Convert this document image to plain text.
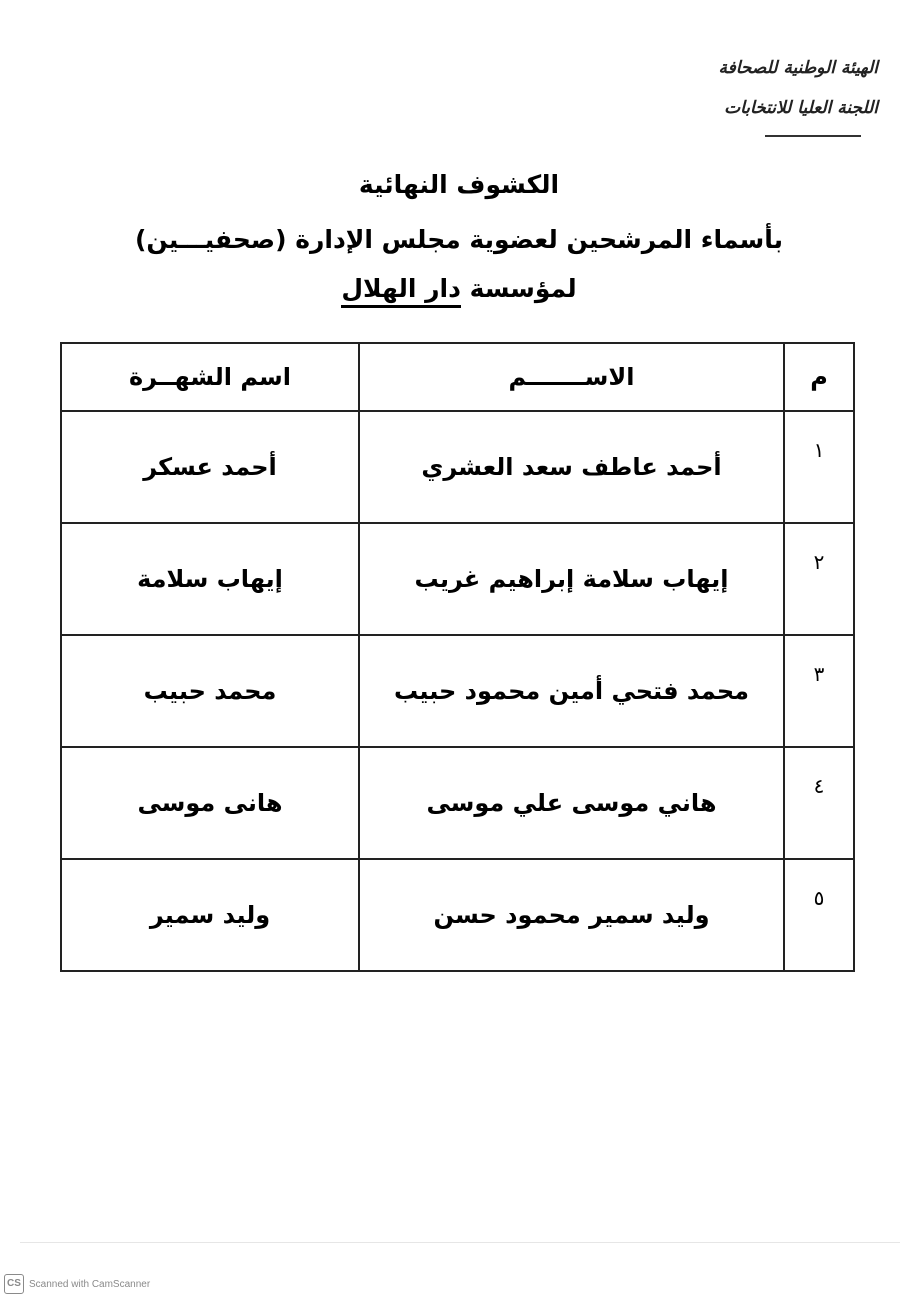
الهيئة الوطنية للصحافة
اللجنة العليا للانتخابات
الكشوف النهائية
بأسماء المرشحين لعضوية مجلس الإدارة (صحفيـــين)
لمؤسسة دار الهلال
م	الاســـــــم	اسم الشهــرة
١	أحمد عاطف سعد العشري	أحمد عسكر
٢	إيهاب سلامة إبراهيم غريب	إيهاب سلامة
٣	محمد فتحي أمين محمود حبيب	محمد حبيب
٤	هاني موسى علي موسى	هانى موسى
٥	وليد سمير محمود حسن	وليد سمير
CS Scanned with CamScanner
